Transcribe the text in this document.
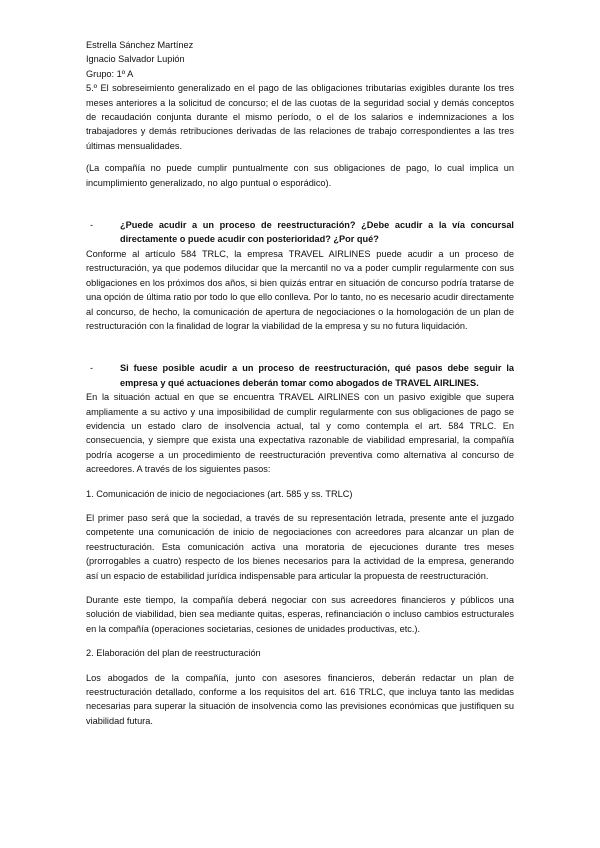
Estrella Sánchez Martínez

Ignacio Salvador Lupión

Grupo: 1º A

5.º El sobreseimiento generalizado en el pago de las obligaciones tributarias exigibles durante los tres meses anteriores a la solicitud de concurso; el de las cuotas de la seguridad social y demás conceptos de recaudación conjunta durante el mismo período, o el de los salarios e indemnizaciones a los trabajadores y demás retribuciones derivadas de las relaciones de trabajo correspondientes a las tres últimas mensualidades.

(La compañía no puede cumplir puntualmente con sus obligaciones de pago, lo cual implica un incumplimiento generalizado, no algo puntual o esporádico).

-	¿Puede acudir a un proceso de reestructuración? ¿Debe acudir a la vía concursal directamente o puede acudir con posterioridad? ¿Por qué?

Conforme al artículo 584 TRLC, la empresa TRAVEL AIRLINES puede acudir a un proceso de restructuración, ya que podemos dilucidar que la mercantil no va a poder cumplir regularmente con sus obligaciones en los próximos dos años, si bien quizás entrar en situación de concurso podría tratarse de una opción de última ratio por todo lo que ello conlleva. Por lo tanto, no es necesario acudir directamente al concurso, de hecho, la comunicación de apertura de negociaciones o la homologación de un plan de restructuración con la finalidad de lograr la viabilidad de la empresa y su no futura liquidación.

-	Si fuese posible acudir a un proceso de reestructuración, qué pasos debe seguir la empresa y qué actuaciones deberán tomar como abogados de TRAVEL AIRLINES.

En la situación actual en que se encuentra TRAVEL AIRLINES con un pasivo exigible que supera ampliamente a su activo y una imposibilidad de cumplir regularmente con sus obligaciones de pago se evidencia un estado claro de insolvencia actual, tal y como contempla el art. 584 TRLC. En consecuencia, y siempre que exista una expectativa razonable de viabilidad empresarial, la compañía podría acogerse a un procedimiento de reestructuración preventiva como alternativa al concurso de acreedores. A través de los siguientes pasos:

1. Comunicación de inicio de negociaciones (art. 585 y ss. TRLC)

El primer paso será que la sociedad, a través de su representación letrada, presente ante el juzgado competente una comunicación de inicio de negociaciones con acreedores para alcanzar un plan de reestructuración. Esta comunicación activa una moratoria de ejecuciones durante tres meses (prorrogables a cuatro) respecto de los bienes necesarios para la actividad de la empresa, generando así un espacio de estabilidad jurídica indispensable para articular la propuesta de reestructuración.

Durante este tiempo, la compañía deberá negociar con sus acreedores financieros y públicos una solución de viabilidad, bien sea mediante quitas, esperas, refinanciación o incluso cambios estructurales en la compañía (operaciones societarias, cesiones de unidades productivas, etc.).

2. Elaboración del plan de reestructuración

Los abogados de la compañía, junto con asesores financieros, deberán redactar un plan de reestructuración detallado, conforme a los requisitos del art. 616 TRLC, que incluya tanto las medidas necesarias para superar la situación de insolvencia como las previsiones económicas que justifiquen su viabilidad futura.
